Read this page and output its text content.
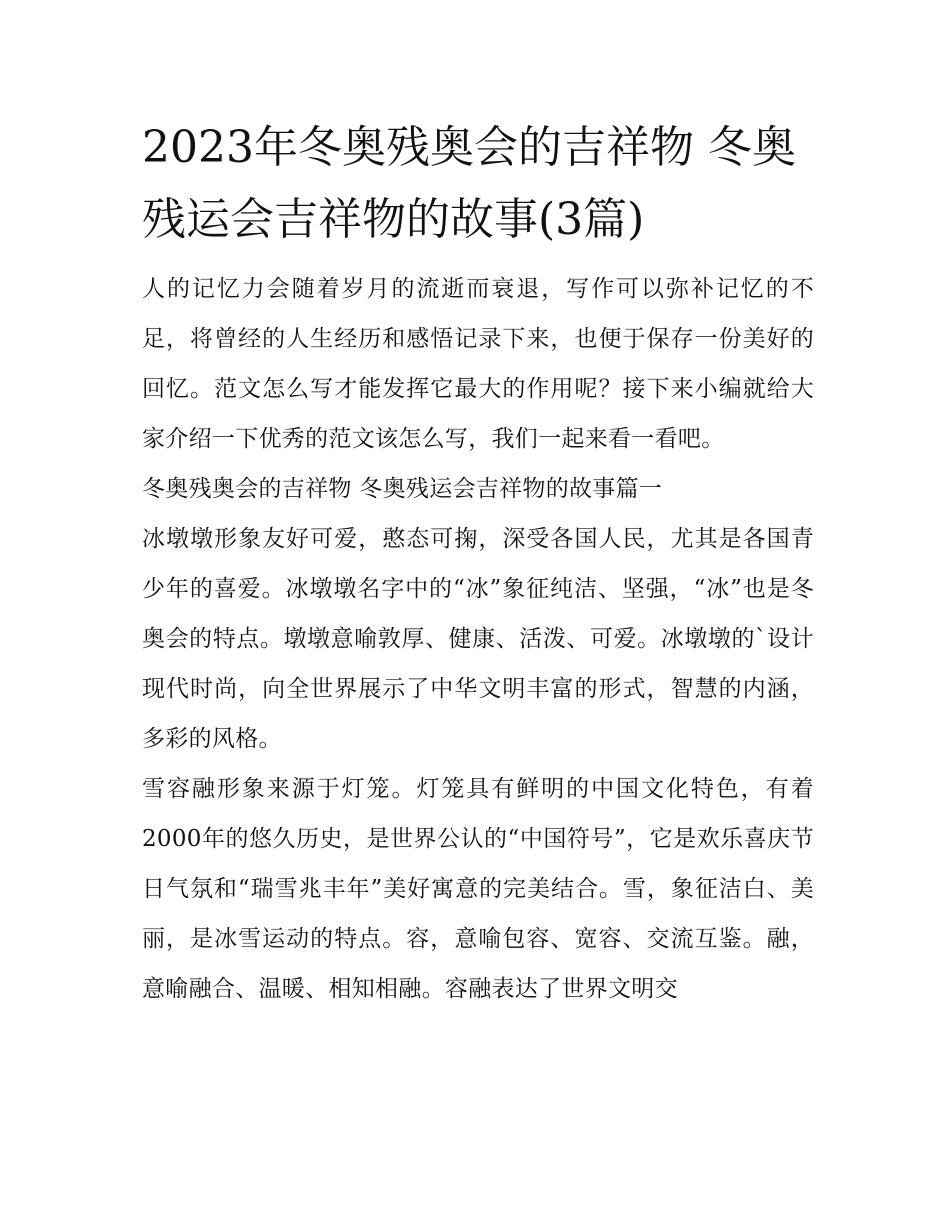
2023年冬奥残奥会的吉祥物 冬奥残运会吉祥物的故事(3篇)

人的记忆力会随着岁月的流逝而衰退，写作可以弥补记忆的不足，将曾经的人生经历和感悟记录下来，也便于保存一份美好的回忆。范文怎么写才能发挥它最大的作用呢？接下来小编就给大家介绍一下优秀的范文该怎么写，我们一起来看一看吧。

冬奥残奥会的吉祥物 冬奥残运会吉祥物的故事篇一

冰墩墩形象友好可爱，憨态可掬，深受各国人民，尤其是各国青少年的喜爱。冰墩墩名字中的“冰”象征纯洁、坚强，“冰”也是冬奥会的特点。墩墩意喻敦厚、健康、活泼、可爱。冰墩墩的`设计现代时尚，向全世界展示了中华文明丰富的形式，智慧的内涵，多彩的风格。

雪容融形象来源于灯笼。灯笼具有鲜明的中国文化特色，有着2000年的悠久历史，是世界公认的“中国符号”，它是欢乐喜庆节日气氛和“瑞雪兆丰年”美好寓意的完美结合。雪，象征洁白、美丽，是冰雪运动的特点。容，意喻包容、宽容、交流互鉴。融，意喻融合、温暖、相知相融。容融表达了世界文明交
